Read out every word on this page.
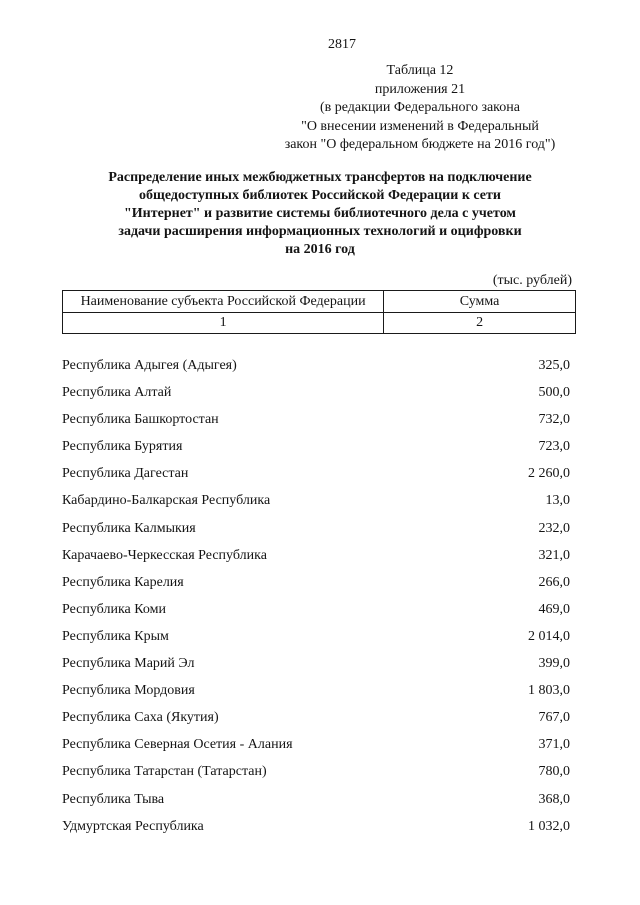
2817
Таблица 12
приложения 21
(в редакции Федерального закона
"О внесении изменений в Федеральный
закон "О федеральном бюджете на 2016 год")
Распределение иных межбюджетных трансфертов на подключение
общедоступных библиотек Российской Федерации к сети
"Интернет" и развитие системы библиотечного дела с учетом
задачи расширения информационных технологий и оцифровки
на 2016 год
(тыс. рублей)
Наименование субъекта Российской Федерации	Сумма
1	2
Республика Адыгея (Адыгея)	325,0
Республика Алтай	500,0
Республика Башкортостан	732,0
Республика Бурятия	723,0
Республика Дагестан	2 260,0
Кабардино-Балкарская Республика	13,0
Республика Калмыкия	232,0
Карачаево-Черкесская Республика	321,0
Республика Карелия	266,0
Республика Коми	469,0
Республика Крым	2 014,0
Республика Марий Эл	399,0
Республика Мордовия	1 803,0
Республика Саха (Якутия)	767,0
Республика Северная Осетия - Алания	371,0
Республика Татарстан (Татарстан)	780,0
Республика Тыва	368,0
Удмуртская Республика	1 032,0
